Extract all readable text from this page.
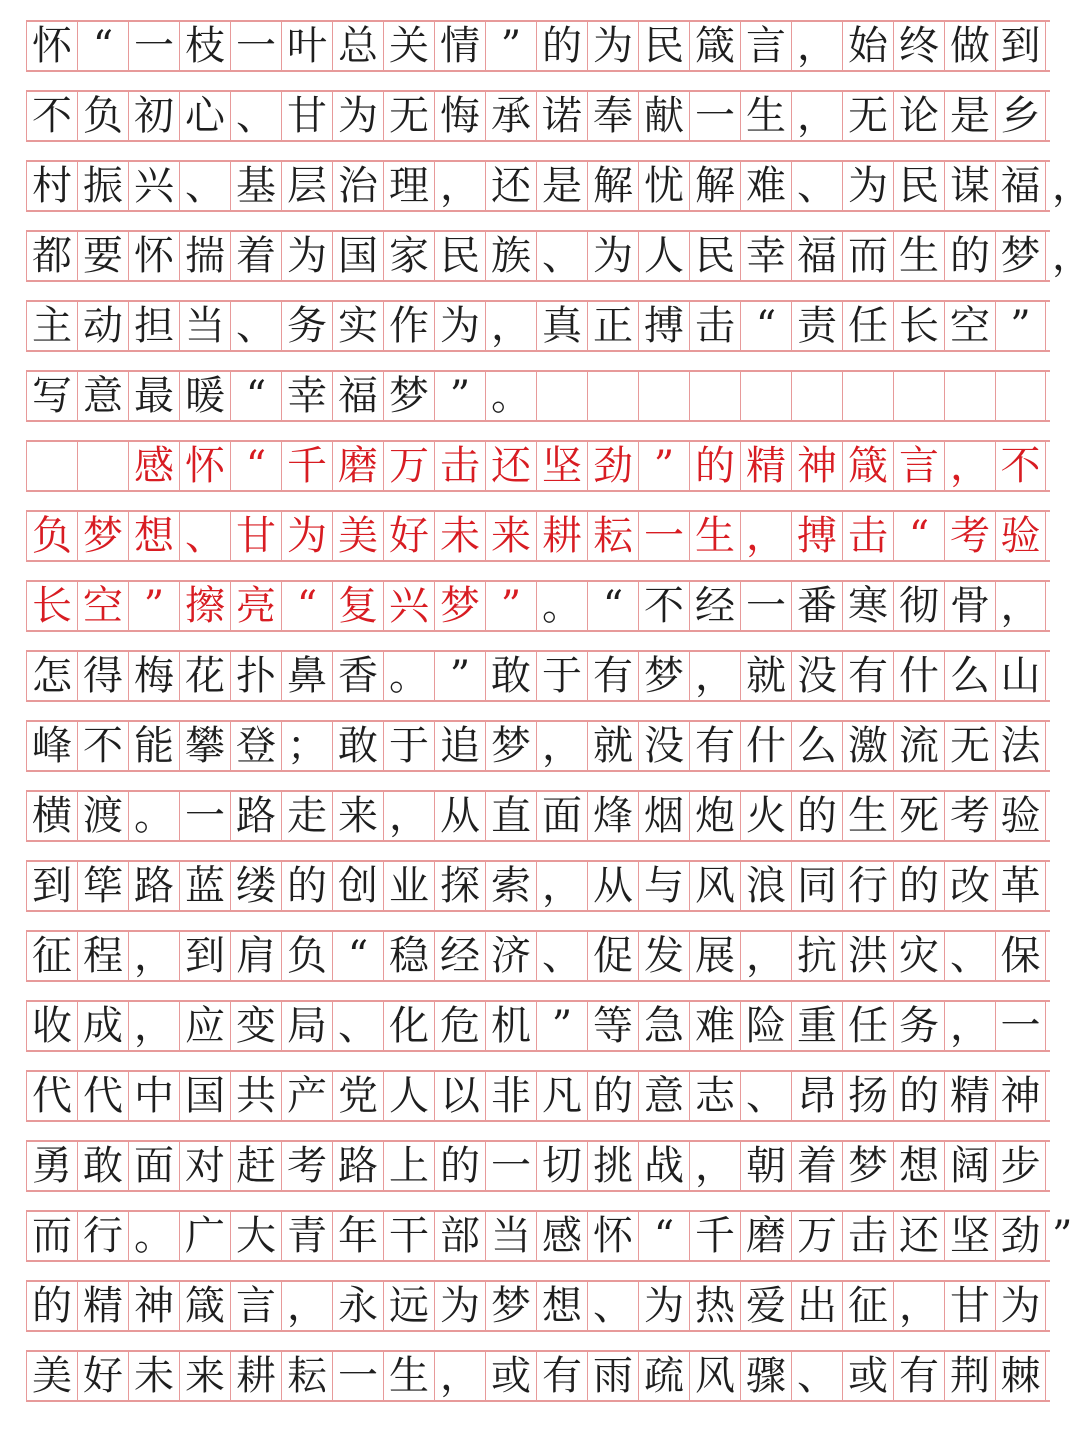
怀 “ 一 枝 一 叶 总 关 情 ” 的 为 民 箴 言 ， 始 终 做 到
不 负 初 心 、 甘 为 无 悔 承 诺 奉 献 一 生 ， 无 论 是 乡
村 振 兴 、 基 层 治 理 ， 还 是 解 忧 解 难 、 为 民 谋 福 ，
都 要 怀 揣 着 为 国 家 民 族 、 为 人 民 幸 福 而 生 的 梦 ，
主 动 担 当 、 务 实 作 为 ， 真 正 搏 击 “ 责 任 长 空 ”
写 意 最 暖 “ 幸 福 梦 ” 。

感 怀 “ 千 磨 万 击 还 坚 劲 ” 的 精 神 箴 言 ， 不
负 梦 想 、 甘 为 美 好 未 来 耕 耘 一 生 ， 搏 击 “ 考 验
长 空 ” 擦 亮 “ 复 兴 梦 ” 。 “ 不 经 一 番 寒 彻 骨 ，
怎 得 梅 花 扑 鼻 香 。 ” 敢 于 有 梦 ， 就 没 有 什 么 山
峰 不 能 攀 登 ； 敢 于 追 梦 ， 就 没 有 什 么 激 流 无 法
横 渡 。 一 路 走 来 ， 从 直 面 烽 烟 炮 火 的 生 死 考 验
到 筚 路 蓝 缕 的 创 业 探 索 ， 从 与 风 浪 同 行 的 改 革
征 程 ， 到 肩 负 “ 稳 经 济 、 促 发 展 ， 抗 洪 灾 、 保
收 成 ， 应 变 局 、 化 危 机 ” 等 急 难 险 重 任 务 ， 一
代 代 中 国 共 产 党 人 以 非 凡 的 意 志 、 昂 扬 的 精 神
勇 敢 面 对 赶 考 路 上 的 一 切 挑 战 ， 朝 着 梦 想 阔 步
而 行 。 广 大 青 年 干 部 当 感 怀 “ 千 磨 万 击 还 坚 劲 ”
的 精 神 箴 言 ， 永 远 为 梦 想 、 为 热 爱 出 征 ， 甘 为
美 好 未 来 耕 耘 一 生 ， 或 有 雨 疏 风 骤 、 或 有 荆 棘
